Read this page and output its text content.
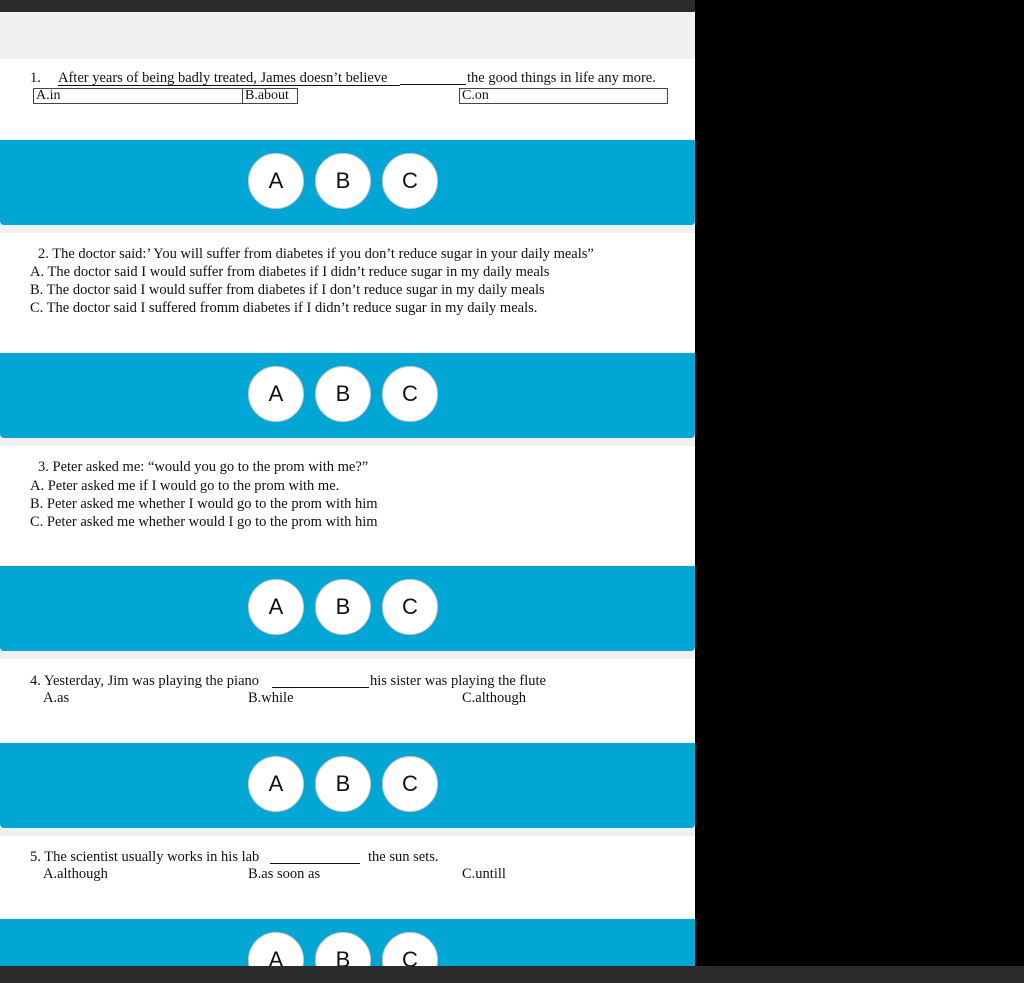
1. After years of being badly treated, James doesn’t believe	the good things in life any more.
A.in	B.about	C.on
A	B	C
2. The doctor said:’ You will suffer from diabetes if you don’t reduce sugar in your daily meals”
A. The doctor said I would suffer from diabetes if I didn’t reduce sugar in my daily meals
B. The doctor said I would suffer from diabetes if I don’t reduce sugar in my daily meals
C. The doctor said I suffered fromm diabetes if I didn’t reduce sugar in my daily meals.
A	B	C
3. Peter asked me: “would you go to the prom with me?”
A. Peter asked me if I would go to the prom with me.
B. Peter asked me whether I would go to the prom with him
C. Peter asked me whether would I go to the prom with him
A	B	C
4. Yesterday, Jim was playing the piano	his sister was playing the flute
A.as	B.while	C.although
A	B	C
5. The scientist usually works in his lab	the sun sets.
A.although	B.as soon as	C.untill
A	B	C
